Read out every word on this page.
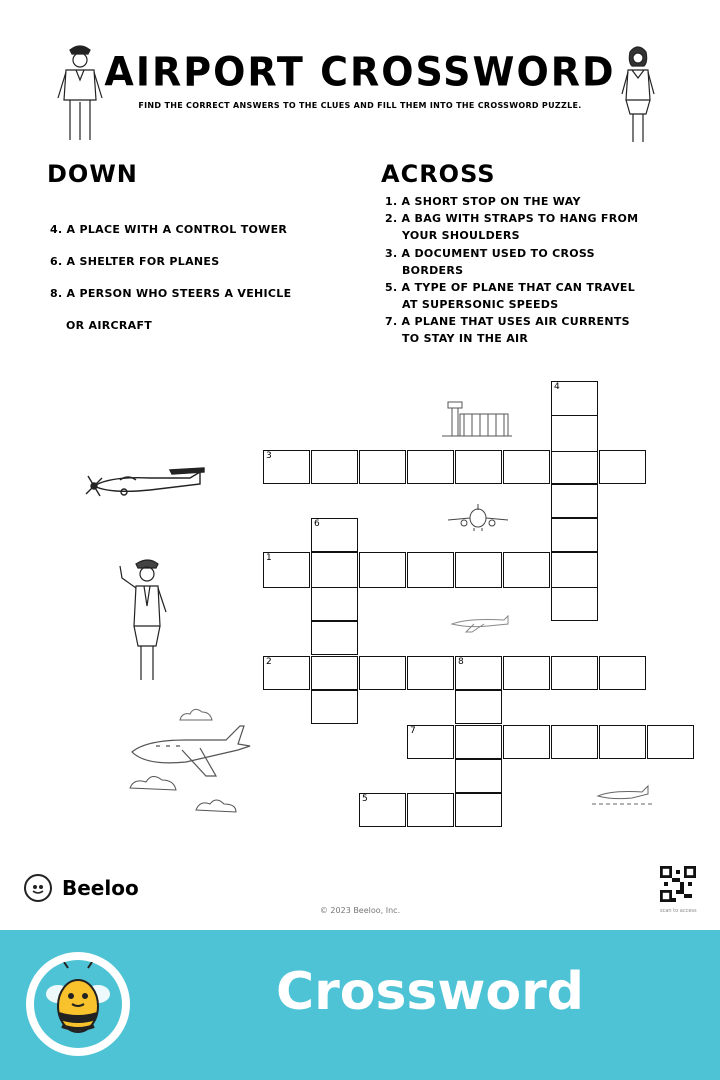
AIRPORT CROSSWORD
FIND THE CORRECT ANSWERS TO THE CLUES AND FILL THEM INTO THE CROSSWORD PUZZLE.
DOWN
4. A PLACE WITH A CONTROL TOWER
6. A SHELTER FOR PLANES
8. A PERSON WHO STEERS A VEHICLE
OR AIRCRAFT
ACROSS
1. A SHORT STOP ON THE WAY
2. A BAG WITH STRAPS TO HANG FROM
YOUR SHOULDERS
3. A DOCUMENT USED TO CROSS
BORDERS
5. A TYPE OF PLANE THAT CAN TRAVEL
AT SUPERSONIC SPEEDS
7. A PLANE THAT USES AIR CURRENTS
TO STAY IN THE AIR
3
4
6
1
2	8
7
5
Beeloo
© 2023 Beeloo, Inc.	scan to access
Crossword
